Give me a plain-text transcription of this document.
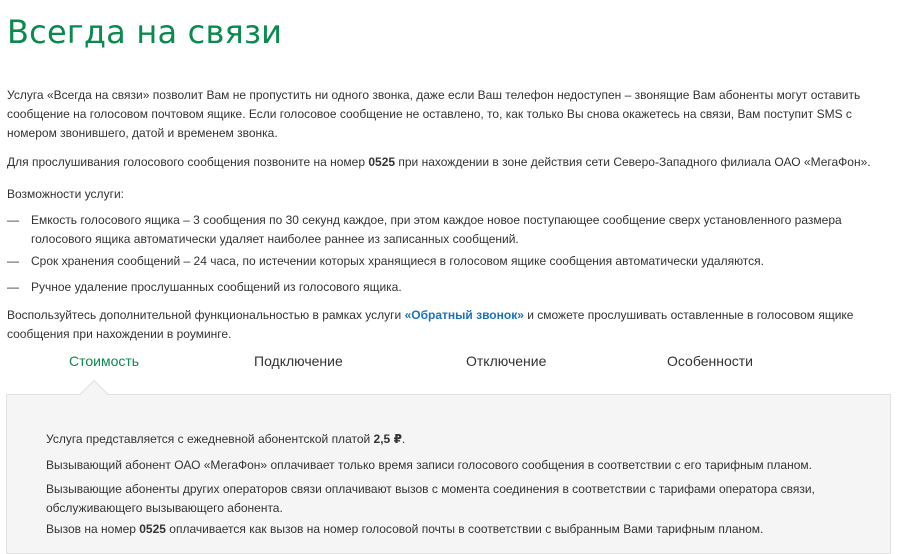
Всегда на связи

Услуга «Всегда на связи» позволит Вам не пропустить ни одного звонка, даже если Ваш телефон недоступен – звонящие Вам абоненты могут оставить сообщение на голосовом почтовом ящике. Если голосовое сообщение не оставлено, то, как только Вы снова окажетесь на связи, Вам поступит SMS с номером звонившего, датой и временем звонка.

Для прослушивания голосового сообщения позвоните на номер 0525 при нахождении в зоне действия сети Северо-Западного филиала ОАО «МегаФон».

Возможности услуги:

— Емкость голосового ящика – 3 сообщения по 30 секунд каждое, при этом каждое новое поступающее сообщение сверх установленного размера голосового ящика автоматически удаляет наиболее раннее из записанных сообщений.
— Срок хранения сообщений – 24 часа, по истечении которых хранящиеся в голосовом ящике сообщения автоматически удаляются.
— Ручное удаление прослушанных сообщений из голосового ящика.

Воспользуйтесь дополнительной функциональностью в рамках услуги «Обратный звонок» и сможете прослушивать оставленные в голосовом ящике сообщения при нахождении в роуминге.

Стоимость	Подключение	Отключение	Особенности

Услуга представляется с ежедневной абонентской платой 2,5 ₽.

Вызывающий абонент ОАО «МегаФон» оплачивает только время записи голосового сообщения в соответствии с его тарифным планом.

Вызывающие абоненты других операторов связи оплачивают вызов с момента соединения в соответствии с тарифами оператора связи, обслуживающего вызывающего абонента.

Вызов на номер 0525 оплачивается как вызов на номер голосовой почты в соответствии с выбранным Вами тарифным планом.
